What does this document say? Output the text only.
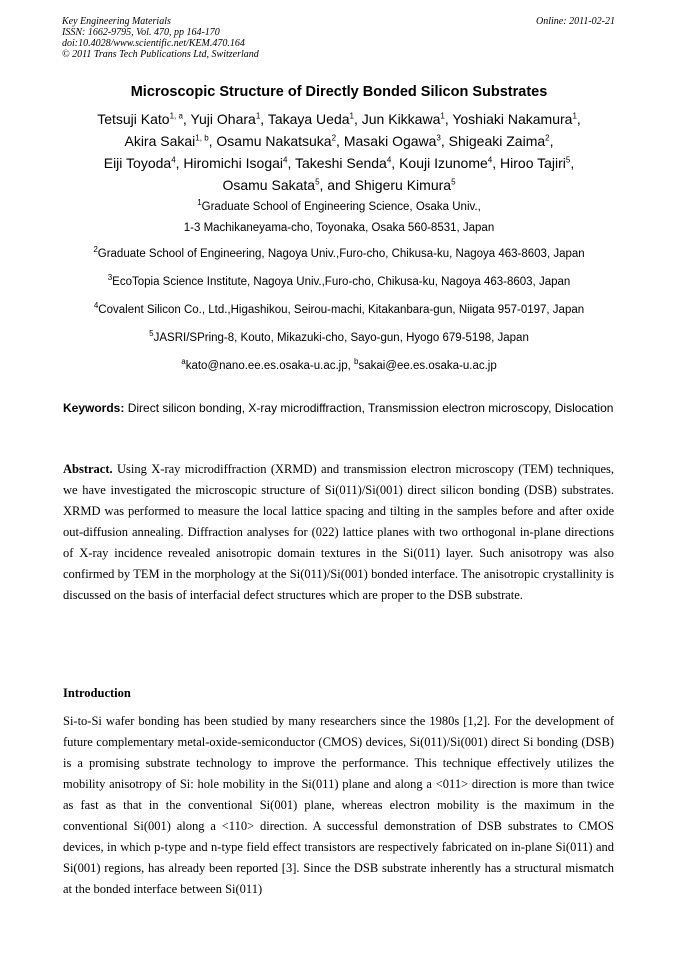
Key Engineering Materials
ISSN: 1662-9795, Vol. 470, pp 164-170
doi:10.4028/www.scientific.net/KEM.470.164
© 2011 Trans Tech Publications Ltd, Switzerland
Online: 2011-02-21
Microscopic Structure of Directly Bonded Silicon Substrates
Tetsuji Kato$^{1, a}$, Yuji Ohara$^1$, Takaya Ueda$^1$, Jun Kikkawa$^1$, Yoshiaki Nakamura$^1$,
Akira Sakai$^{1, b}$, Osamu Nakatsuka$^2$, Masaki Ogawa$^3$, Shigeaki Zaima$^2$,
Eiji Toyoda$^4$, Hiromichi Isogai$^4$, Takeshi Senda$^4$, Kouji Izunome$^4$, Hiroo Tajiri$^5$,
Osamu Sakata$^5$, and Shigeru Kimura$^5$
$^1$Graduate School of Engineering Science, Osaka Univ.,
1-3 Machikaneyama-cho, Toyonaka, Osaka 560-8531, Japan
$^2$Graduate School of Engineering, Nagoya Univ.,Furo-cho, Chikusa-ku, Nagoya 463-8603, Japan
$^3$EcoTopia Science Institute, Nagoya Univ.,Furo-cho, Chikusa-ku, Nagoya 463-8603, Japan
$^4$Covalent Silicon Co., Ltd.,Higashikou, Seirou-machi, Kitakanbara-gun, Niigata 957-0197, Japan
$^5$JASRI/SPring-8, Kouto, Mikazuki-cho, Sayo-gun, Hyogo 679-5198, Japan
$^a$kato@nano.ee.es.osaka-u.ac.jp, $^b$sakai@ee.es.osaka-u.ac.jp
Keywords: Direct silicon bonding, X-ray microdiffraction, Transmission electron microscopy, Dislocation
Abstract. Using X-ray microdiffraction (XRMD) and transmission electron microscopy (TEM) techniques, we have investigated the microscopic structure of Si(011)/Si(001) direct silicon bonding (DSB) substrates. XRMD was performed to measure the local lattice spacing and tilting in the samples before and after oxide out-diffusion annealing. Diffraction analyses for (022) lattice planes with two orthogonal in-plane directions of X-ray incidence revealed anisotropic domain textures in the Si(011) layer. Such anisotropy was also confirmed by TEM in the morphology at the Si(011)/Si(001) bonded interface. The anisotropic crystallinity is discussed on the basis of interfacial defect structures which are proper to the DSB substrate.
Introduction
Si-to-Si wafer bonding has been studied by many researchers since the 1980s [1,2]. For the development of future complementary metal-oxide-semiconductor (CMOS) devices, Si(011)/Si(001) direct Si bonding (DSB) is a promising substrate technology to improve the performance. This technique effectively utilizes the mobility anisotropy of Si: hole mobility in the Si(011) plane and along a <011> direction is more than twice as fast as that in the conventional Si(001) plane, whereas electron mobility is the maximum in the conventional Si(001) along a <110> direction. A successful demonstration of DSB substrates to CMOS devices, in which p-type and n-type field effect transistors are respectively fabricated on in-plane Si(011) and Si(001) regions, has already been reported [3]. Since the DSB substrate inherently has a structural mismatch at the bonded interface between Si(011)
